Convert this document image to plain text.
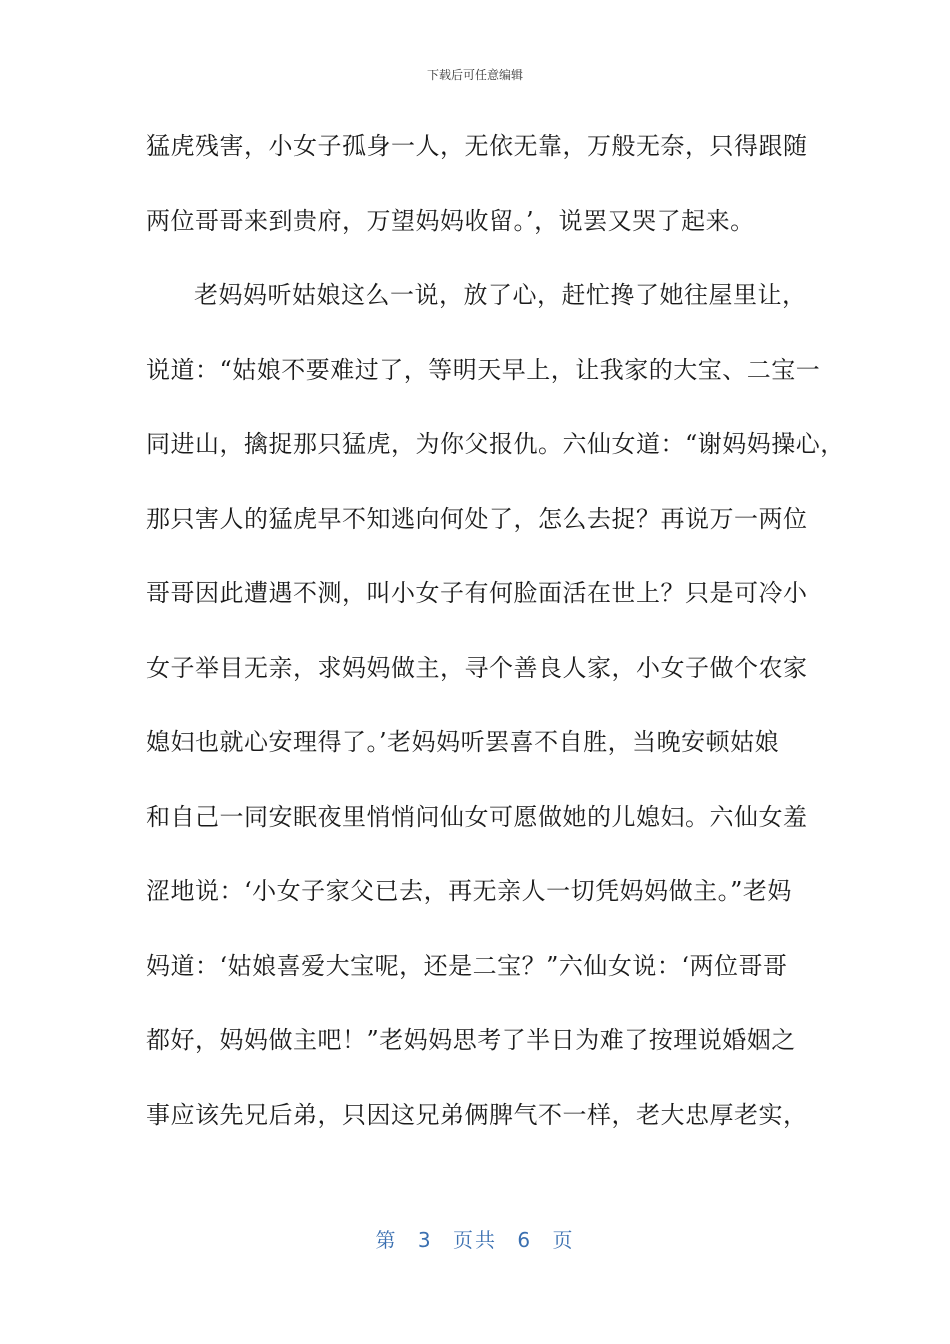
下载后可任意编辑
猛虎残害，小女子孤身一人，无依无靠，万般无奈，只得跟随
两位哥哥来到贵府，万望妈妈收留。’，说罢又哭了起来。
老妈妈听姑娘这么一说，放了心，赶忙搀了她往屋里让，
说道：“姑娘不要难过了，等明天早上，让我家的大宝、二宝一
同进山，擒捉那只猛虎，为你父报仇。六仙女道：“谢妈妈操心，
那只害人的猛虎早不知逃向何处了，怎么去捉？再说万一两位
哥哥因此遭遇不测，叫小女子有何脸面活在世上？只是可冷小
女子举目无亲，求妈妈做主，寻个善良人家，小女子做个农家
媳妇也就心安理得了。’老妈妈听罢喜不自胜，当晚安顿姑娘
和自己一同安眠夜里悄悄问仙女可愿做她的儿媳妇。六仙女羞
涩地说：‘小女子家父已去，再无亲人一切凭妈妈做主。”老妈
妈道：‘姑娘喜爱大宝呢，还是二宝？”六仙女说：‘两位哥哥
都好，妈妈做主吧！”老妈妈思考了半日为难了按理说婚姻之
事应该先兄后弟，只因这兄弟俩脾气不一样，老大忠厚老实，
第 3 页共 6 页
